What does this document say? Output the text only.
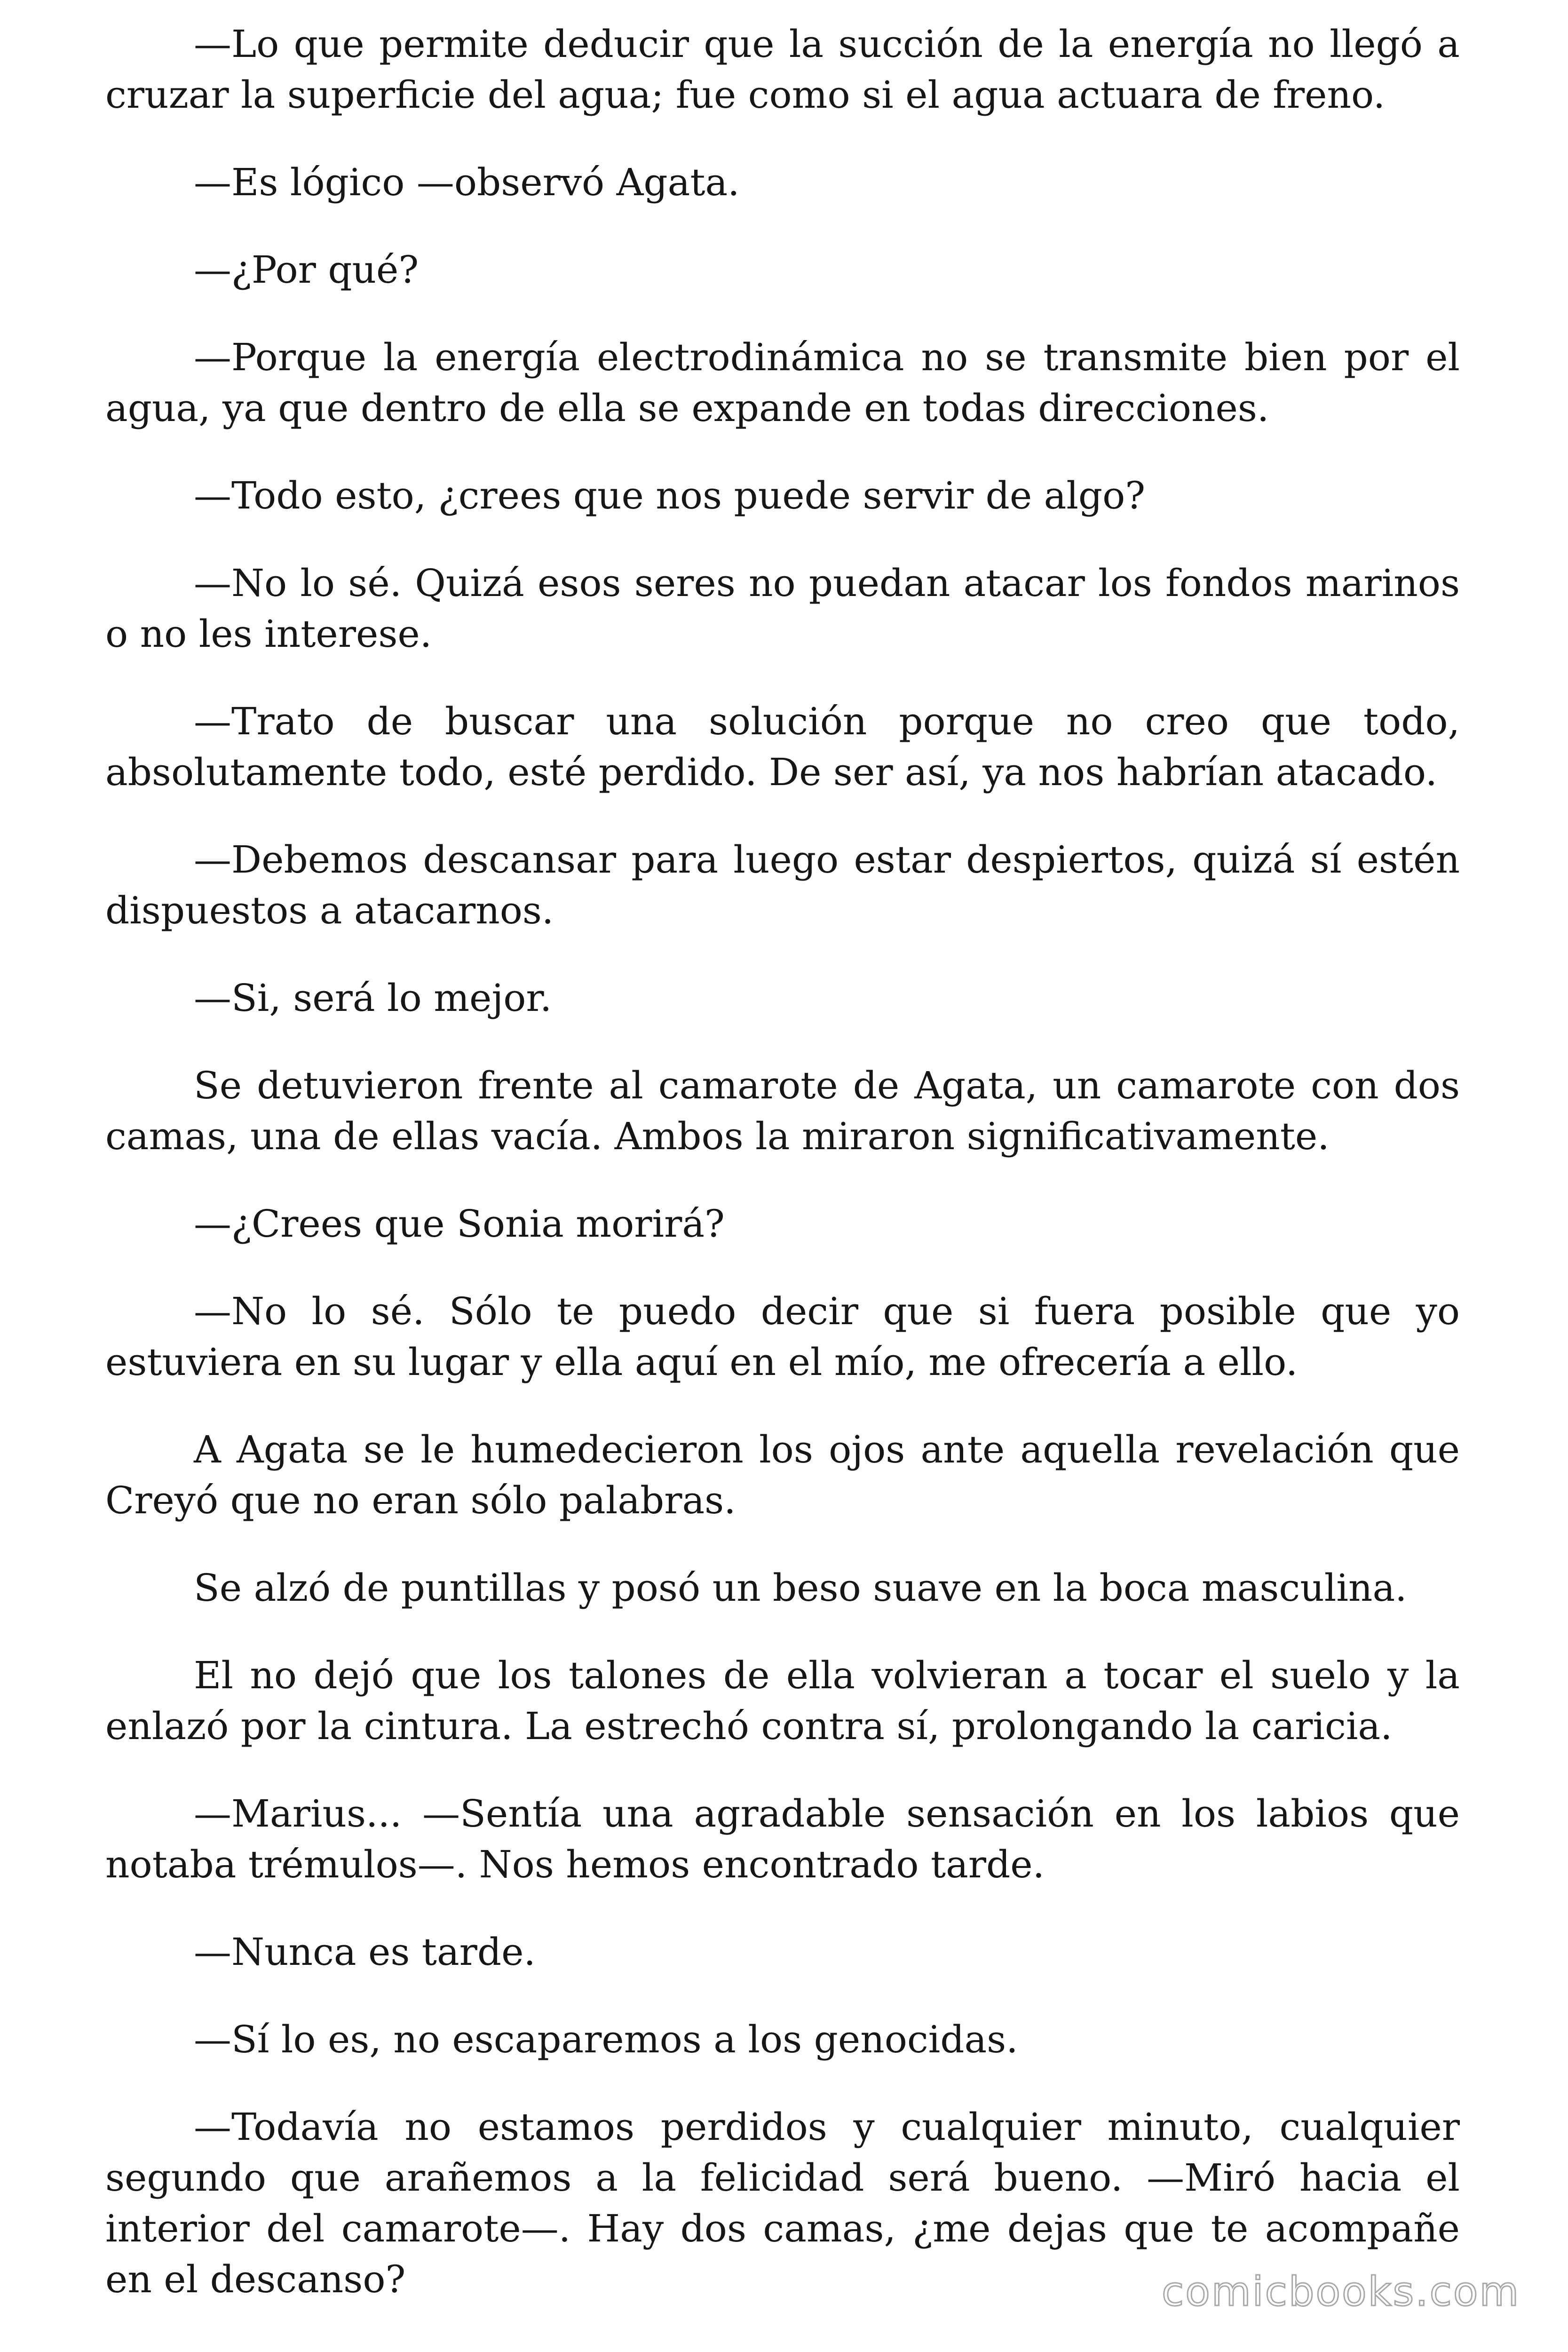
—Lo que permite deducir que la succión de la energía no llegó a cruzar la superficie del agua; fue como si el agua actuara de freno.

—Es lógico —observó Agata.

—¿Por qué?

—Porque la energía electrodinámica no se transmite bien por el agua, ya que dentro de ella se expande en todas direcciones.

—Todo esto, ¿crees que nos puede servir de algo?

—No lo sé. Quizá esos seres no puedan atacar los fondos marinos o no les interese.

—Trato de buscar una solución porque no creo que todo, absolutamente todo, esté perdido. De ser así, ya nos habrían atacado.

—Debemos descansar para luego estar despiertos, quizá sí estén dispuestos a atacarnos.

—Si, será lo mejor.

Se detuvieron frente al camarote de Agata, un camarote con dos camas, una de ellas vacía. Ambos la miraron significativamente.

—¿Crees que Sonia morirá?

—No lo sé. Sólo te puedo decir que si fuera posible que yo estuviera en su lugar y ella aquí en el mío, me ofrecería a ello.

A Agata se le humedecieron los ojos ante aquella revelación que Creyó que no eran sólo palabras.

Se alzó de puntillas y posó un beso suave en la boca masculina.

El no dejó que los talones de ella volvieran a tocar el suelo y la enlazó por la cintura. La estrechó contra sí, prolongando la caricia.

—Marius... —Sentía una agradable sensación en los labios que notaba trémulos—. Nos hemos encontrado tarde.

—Nunca es tarde.

—Sí lo es, no escaparemos a los genocidas.

—Todavía no estamos perdidos y cualquier minuto, cualquier segundo que arañemos a la felicidad será bueno. —Miró hacia el interior del camarote—. Hay dos camas, ¿me dejas que te acompañe en el descanso?	comicbooks.com
